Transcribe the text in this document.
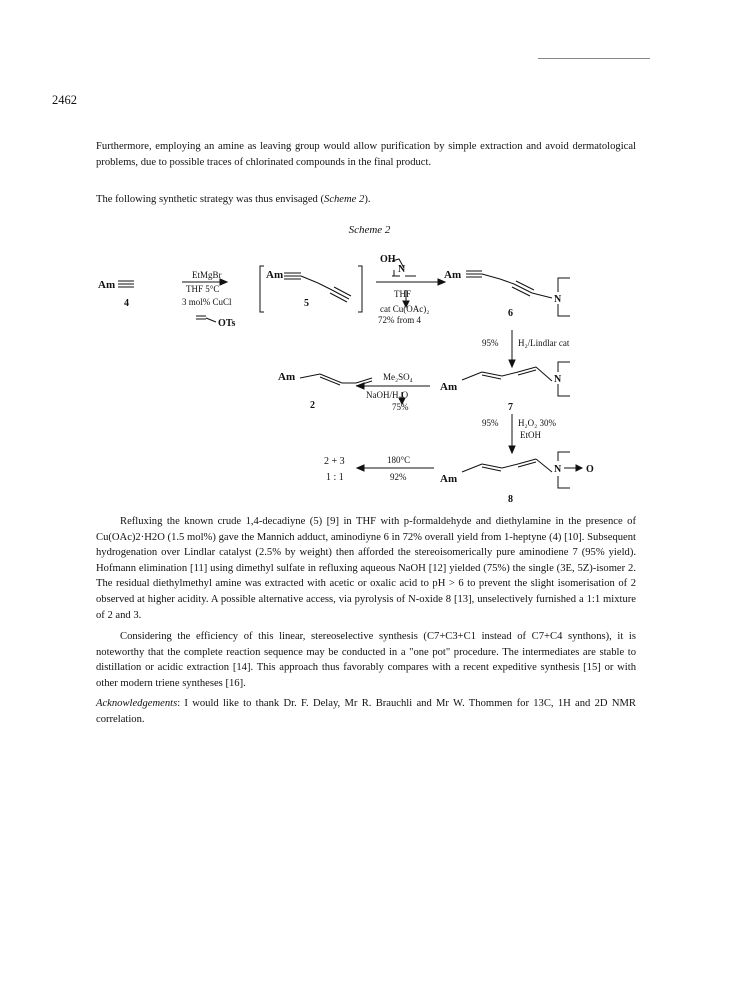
2462

Furthermore, employing an amine as leaving group would allow purification by simple extraction and avoid dermatological problems, due to possible traces of chlorinated compounds in the final product.

The following synthetic strategy was thus envisaged (Scheme 2).

Scheme 2
Am
4
EtMgBr
THF 5°C
3 mol% CuCl
OTs
Am
5
OH
N
THF
cat Cu(OAc)₂
72% from 4
Am
N
6
95% H₂/Lindlar cat
Am
2
Me₂SO₄
NaOH/H₂O
75%
Am
N
7
95% H₂O₂ 30%
EtOH
2 + 3
1 : 1
180°C
92%	Am
N O
8

Refluxing the known crude 1,4-decadiyne (5) [9] in THF with p-formaldehyde and diethylamine in the presence of Cu(OAc)2·H2O (1.5 mol%) gave the Mannich adduct, aminodiyne 6 in 72% overall yield from 1-heptyne (4) [10]. Subsequent hydrogenation over Lindlar catalyst (2.5% by weight) then afforded the stereoisomerically pure aminodiene 7 (95% yield). Hofmann elimination [11] using dimethyl sulfate in refluxing aqueous NaOH [12] yielded (75%) the single (3E, 5Z)-isomer 2. The residual diethylmethyl amine was extracted with acetic or oxalic acid to pH > 6 to prevent the slight isomerisation of 2 observed at higher acidity. A possible alternative access, via pyrolysis of N-oxide 8 [13], unselectively furnished a 1:1 mixture of 2 and 3.

Considering the efficiency of this linear, stereoselective synthesis (C7+C3+C1 instead of C7+C4 synthons), it is noteworthy that the complete reaction sequence may be conducted in a "one pot" procedure. The intermediates are stable to distillation or acidic extraction [14]. This approach thus favorably compares with a recent expeditive synthesis [15] or with other modern triene syntheses [16].

Acknowledgements: I would like to thank Dr. F. Delay, Mr R. Brauchli and Mr W. Thommen for 13C, 1H and 2D NMR correlation.
